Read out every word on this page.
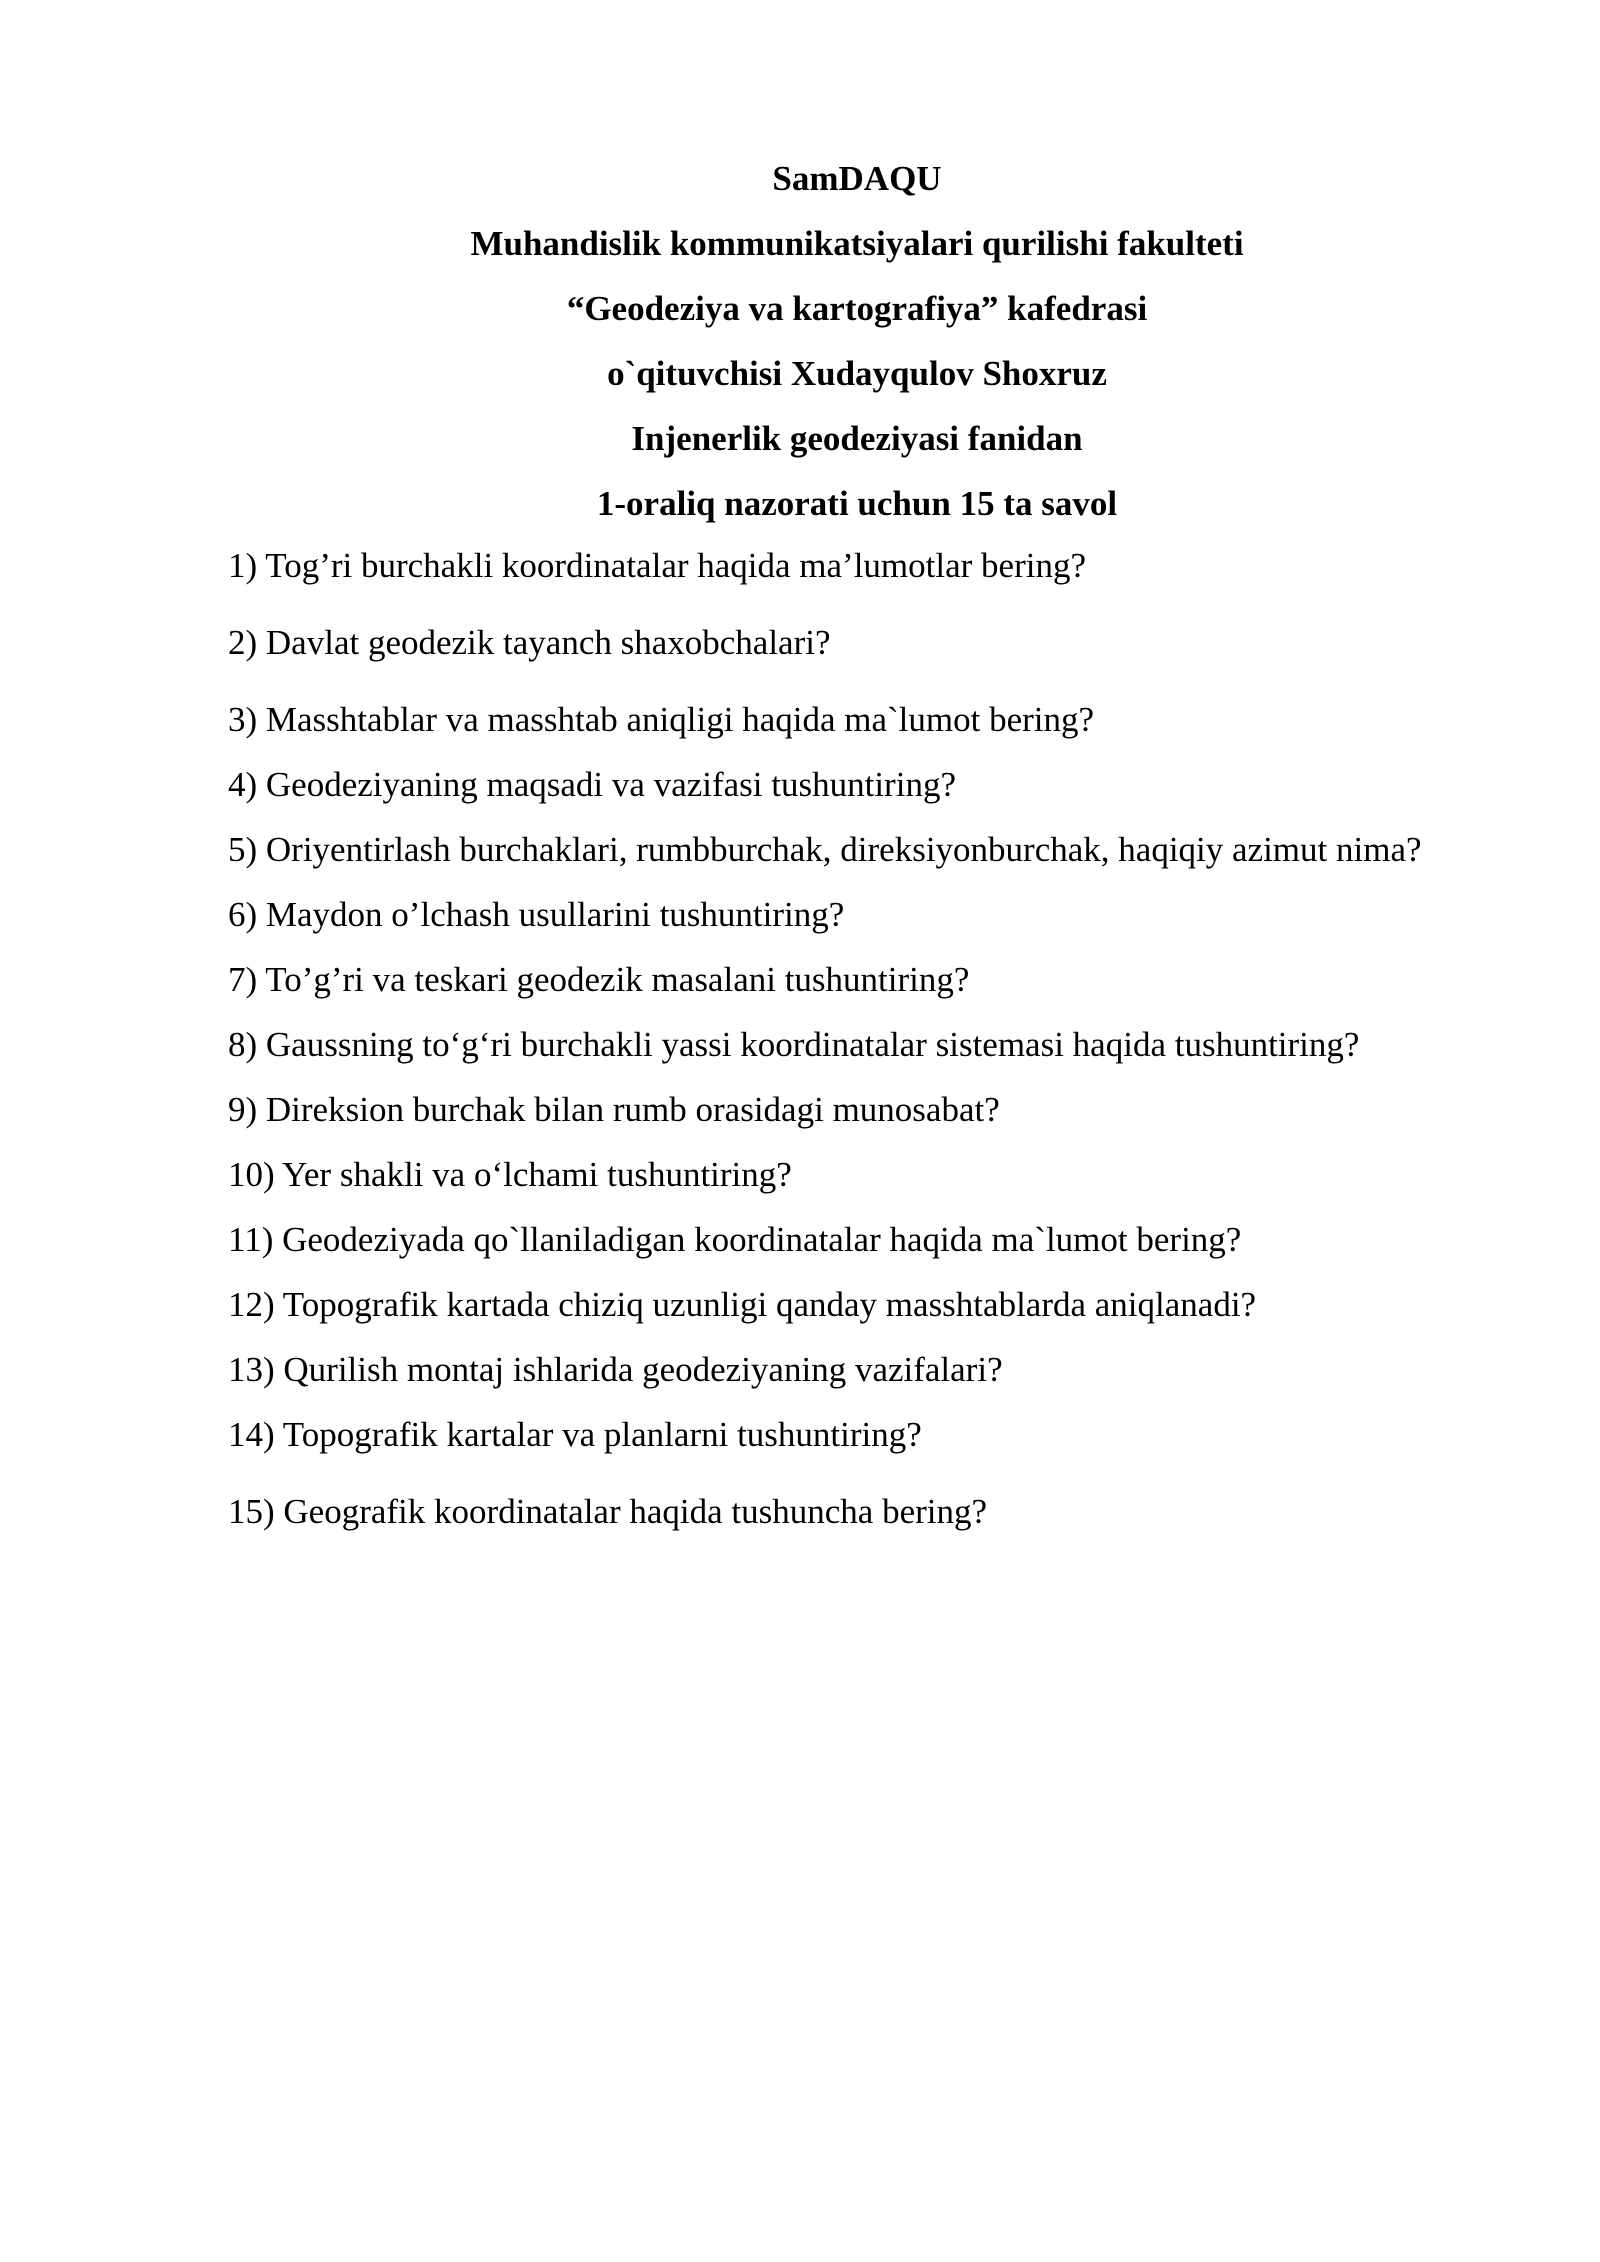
SamDAQU
Muhandislik kommunikatsiyalari qurilishi fakulteti
“Geodeziya va kartografiya” kafedrasi
o`qituvchisi Xudayqulov Shoxruz
Injenerlik geodeziyasi fanidan
1-oraliq nazorati uchun 15 ta savol
1) Tog’ri burchakli koordinatalar haqida ma’lumotlar bering?
2) Davlat geodezik tayanch shaxobchalari?
3) Masshtablar va masshtab aniqligi haqida ma`lumot bering?
4) Geodeziyaning maqsadi va vazifasi tushuntiring?
5) Oriyentirlash burchaklari, rumbburchak, direksiyonburchak, haqiqiy azimut nima?
6) Maydon o’lchash usullarini tushuntiring?
7) To’g’ri va teskari geodezik masalani tushuntiring?
8) Gaussning to‘g‘ri burchakli yassi koordinatalar sistemasi haqida tushuntiring?
9) Direksion burchak bilan rumb orasidagi munosabat?
10) Yer shakli va o‘lchami tushuntiring?
11) Geodeziyada qo`llaniladigan koordinatalar haqida ma`lumot bering?
12) Topografik kartada chiziq uzunligi qanday masshtablarda aniqlanadi?
13) Qurilish montaj ishlarida geodeziyaning vazifalari?
14) Topografik kartalar va planlarni tushuntiring?
15) Geografik koordinatalar haqida tushuncha bering?
